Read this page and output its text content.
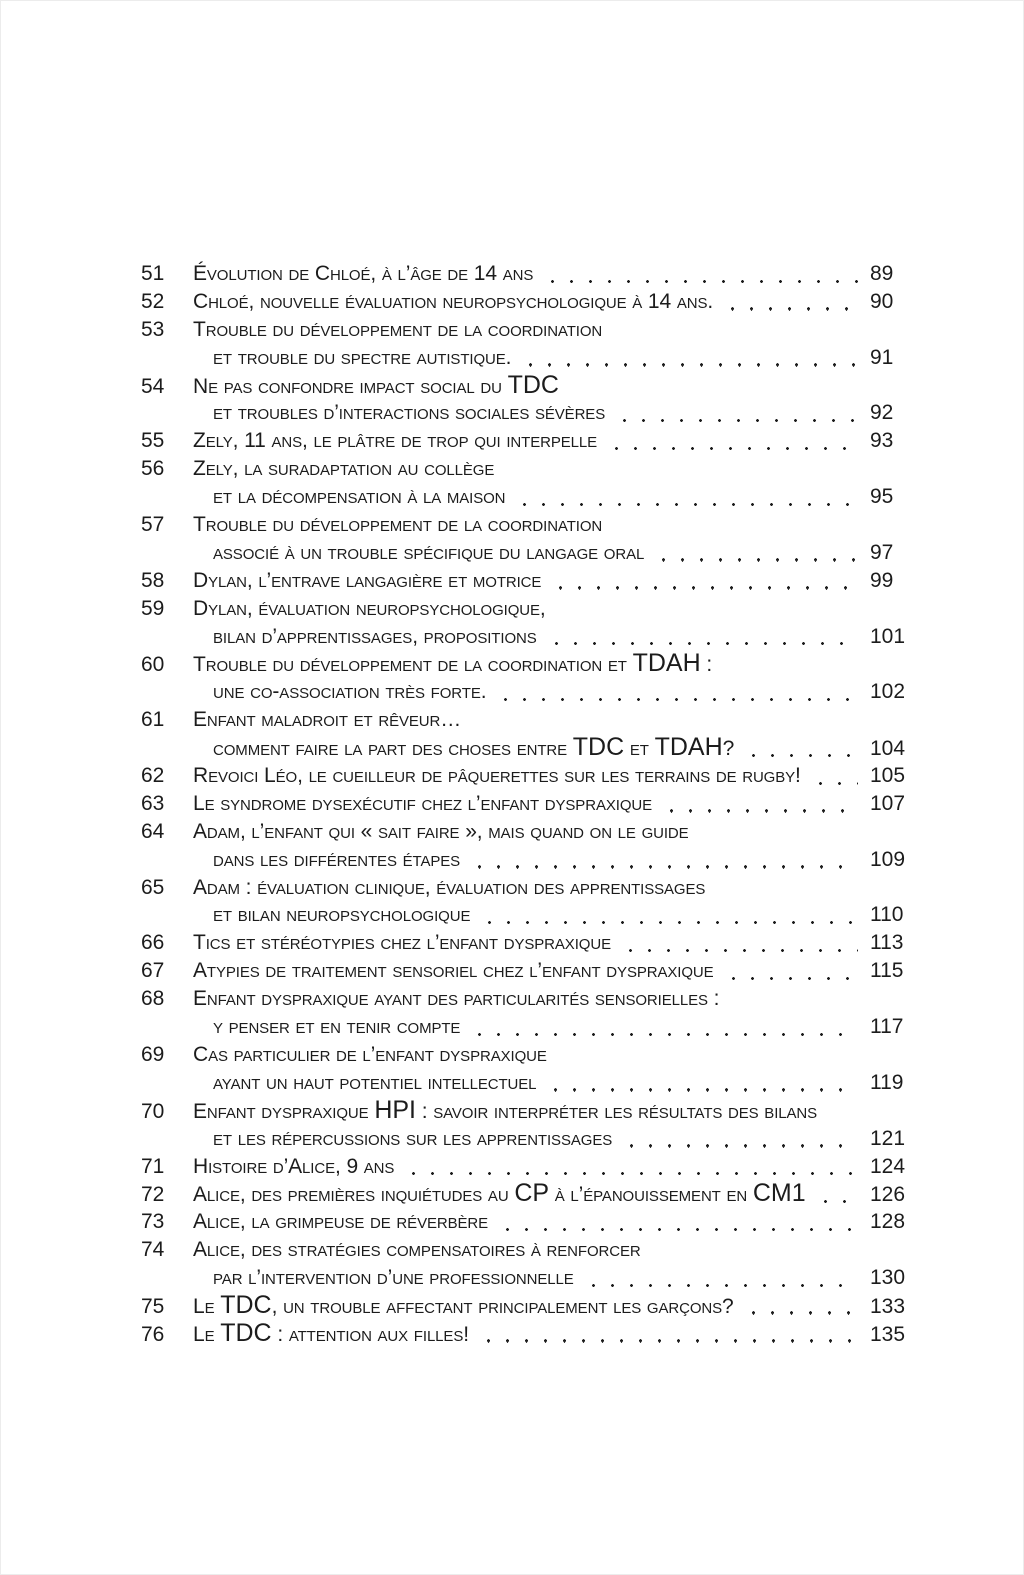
51	Évolution de Chloé, à l’âge de 14 ans	89
52	Chloé, nouvelle évaluation neuropsychologique à 14 ans.	90
53	Trouble du développement de la coordination
et trouble du spectre autistique.	91
54	Ne pas confondre impact social du TDC
et troubles d’interactions sociales sévères	92
55	Zely, 11 ans, le plâtre de trop qui interpelle	93
56	Zely, la suradaptation au collège
et la décompensation à la maison	95
57	Trouble du développement de la coordination
associé à un trouble spécifique du langage oral	97
58	Dylan, l’entrave langagière et motrice	99
59	Dylan, évaluation neuropsychologique,
bilan d’apprentissages, propositions	101
60	Trouble du développement de la coordination et TDAH :
une co-association très forte.	102
61	Enfant maladroit et rêveur…
comment faire la part des choses entre TDC et TDAH?	104
62	Revoici Léo, le cueilleur de pâquerettes sur les terrains de rugby!	105
63	Le syndrome dysexécutif chez l’enfant dyspraxique	107
64	Adam, l’enfant qui « sait faire », mais quand on le guide
dans les différentes étapes	109
65	Adam : évaluation clinique, évaluation des apprentissages
et bilan neuropsychologique	110
66	Tics et stéréotypies chez l’enfant dyspraxique	113
67	Atypies de traitement sensoriel chez l’enfant dyspraxique	115
68	Enfant dyspraxique ayant des particularités sensorielles :
y penser et en tenir compte	117
69	Cas particulier de l’enfant dyspraxique
ayant un haut potentiel intellectuel	119
70	Enfant dyspraxique HPI : savoir interpréter les résultats des bilans
et les répercussions sur les apprentissages	121
71	Histoire d’Alice, 9 ans	124
72	Alice, des premières inquiétudes au CP à l’épanouissement en CM1	126
73	Alice, la grimpeuse de réverbère	128
74	Alice, des stratégies compensatoires à renforcer
par l’intervention d’une professionnelle	130
75	Le TDC, un trouble affectant principalement les garçons?	133
76	Le TDC : attention aux filles!	135
